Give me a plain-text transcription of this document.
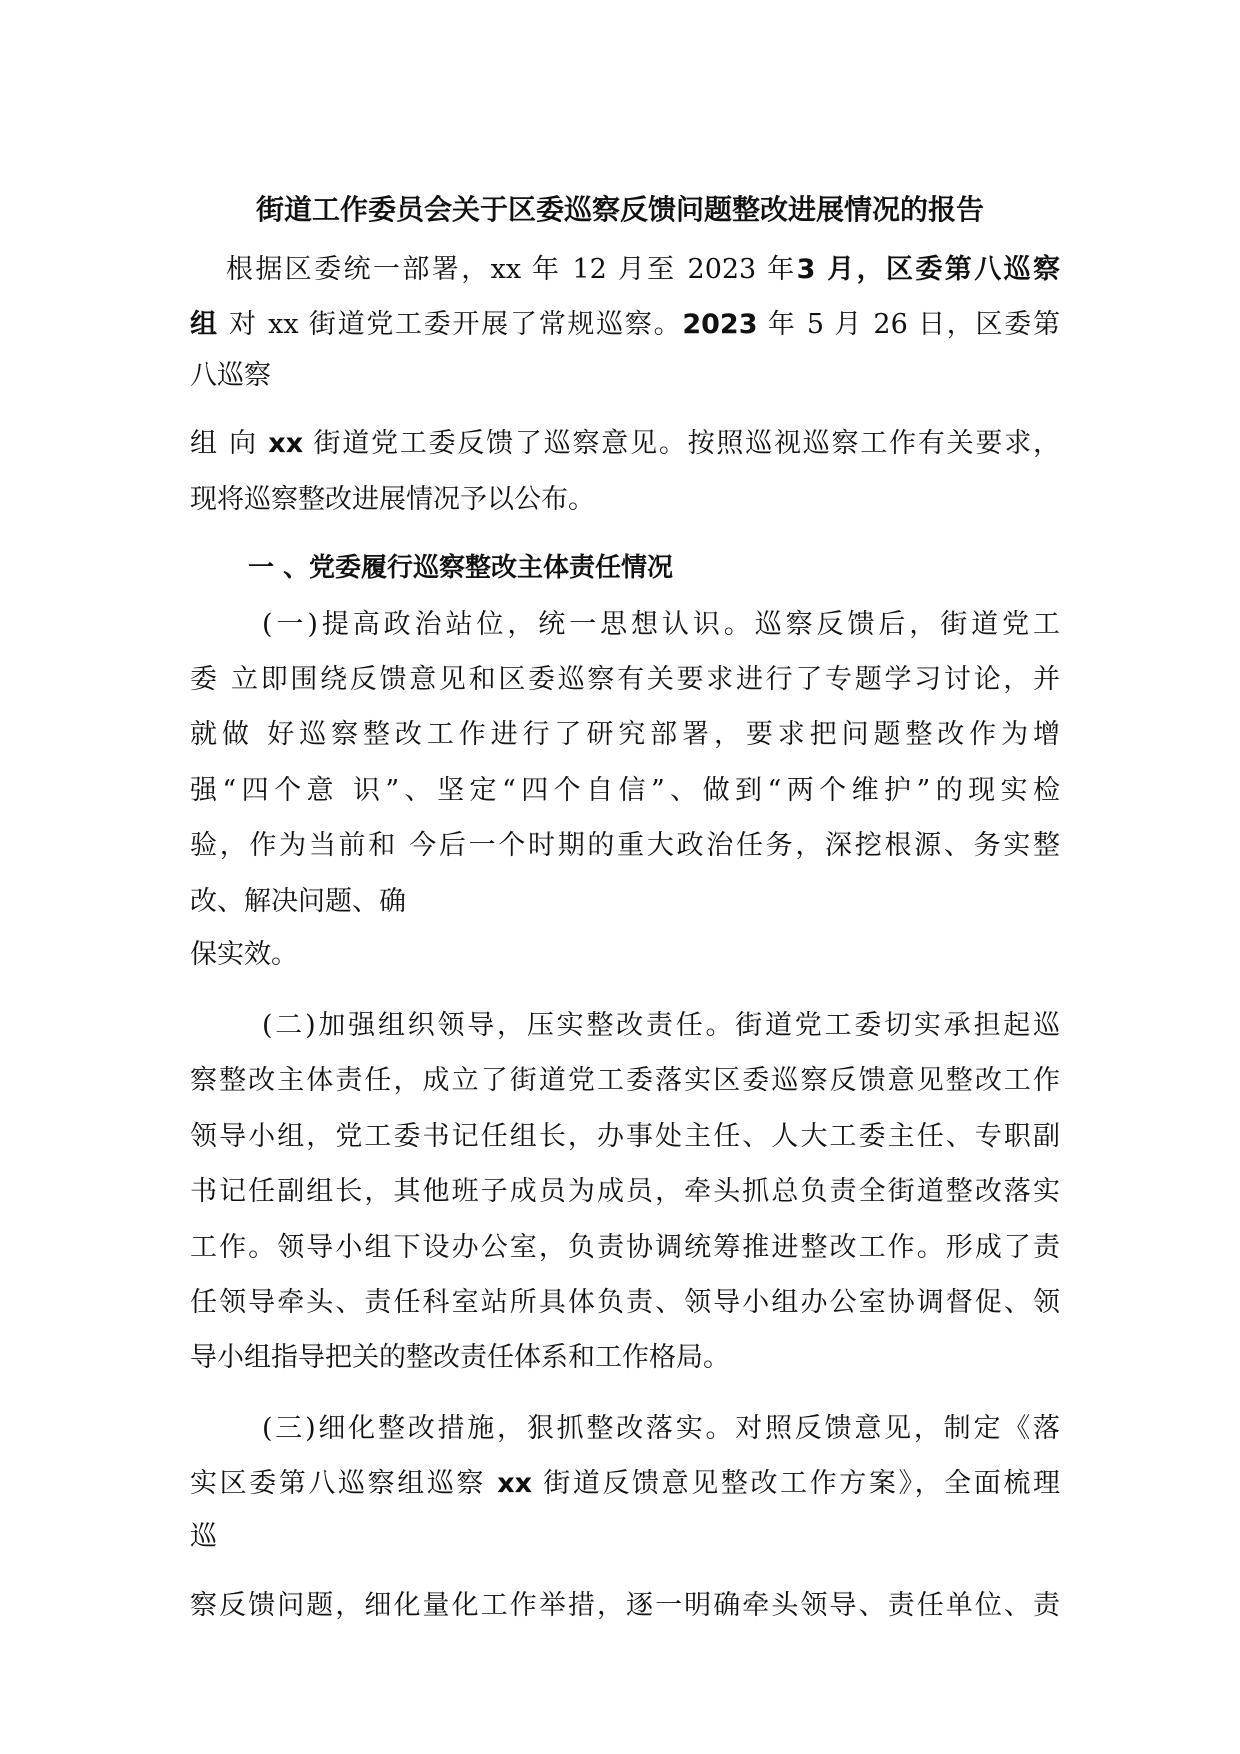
街道工作委员会关于区委巡察反馈问题整改进展情况的报告

根据区委统一部署，xx 年 12 月至 2023 年3 月，区委第八巡察

组 对 xx 街道党工委开展了常规巡察。2023 年 5 月 26 日，区委第

八巡察

组 向 xx 街道党工委反馈了巡察意见。按照巡视巡察工作有关要求，

现将巡察整改进展情况予以公布。

一 、党委履行巡察整改主体责任情况

(一)提高政治站位，统一思想认识。巡察反馈后，街道党工

委 立即围绕反馈意见和区委巡察有关要求进行了专题学习讨论，并

就做 好巡察整改工作进行了研究部署，要求把问题整改作为增

强“四个意 识”、坚定“四个自信”、做到“两个维护”的现实检

验，作为当前和 今后一个时期的重大政治任务，深挖根源、务实整

改、解决问题、确

保实效。

(二)加强组织领导，压实整改责任。街道党工委切实承担起巡

察整改主体责任，成立了街道党工委落实区委巡察反馈意见整改工作

领导小组，党工委书记任组长，办事处主任、人大工委主任、专职副

书记任副组长，其他班子成员为成员，牵头抓总负责全街道整改落实

工作。领导小组下设办公室，负责协调统筹推进整改工作。形成了责

任领导牵头、责任科室站所具体负责、领导小组办公室协调督促、领

导小组指导把关的整改责任体系和工作格局。

(三)细化整改措施，狠抓整改落实。对照反馈意见，制定《落

实区委第八巡察组巡察 xx 街道反馈意见整改工作方案》，全面梳理

巡

察反馈问题，细化量化工作举措，逐一明确牵头领导、责任单位、责
